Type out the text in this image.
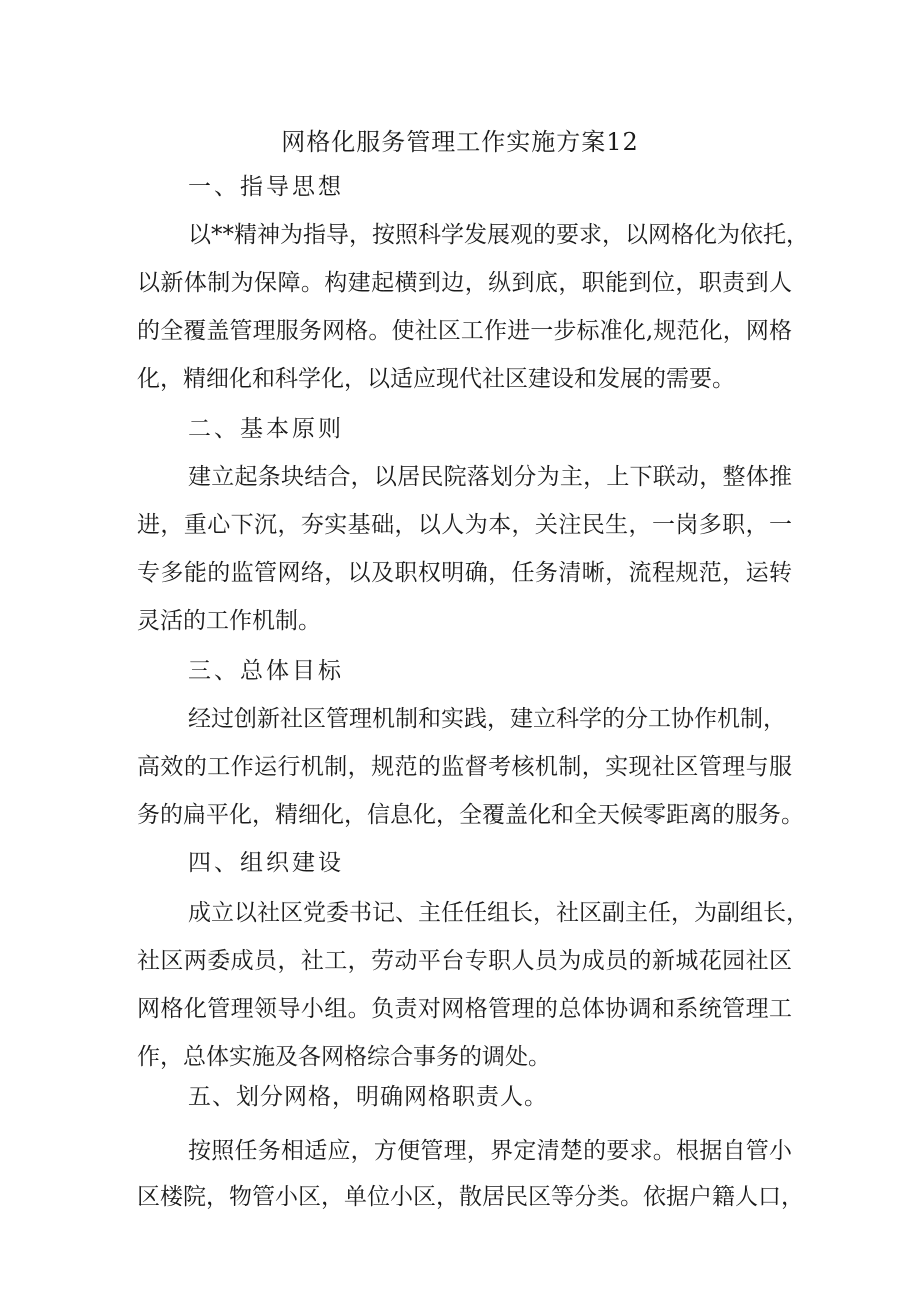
网格化服务管理工作实施方案12
一、指导思想
以**精神为指导，按照科学发展观的要求，以网格化为依托，
以新体制为保障。构建起横到边，纵到底，职能到位，职责到人
的全覆盖管理服务网格。使社区工作进一步标准化,规范化，网格
化，精细化和科学化，以适应现代社区建设和发展的需要。
二、基本原则
建立起条块结合，以居民院落划分为主，上下联动，整体推
进，重心下沉，夯实基础，以人为本，关注民生，一岗多职，一
专多能的监管网络，以及职权明确，任务清晰，流程规范，运转
灵活的工作机制。
三、总体目标
经过创新社区管理机制和实践，建立科学的分工协作机制，
高效的工作运行机制，规范的监督考核机制，实现社区管理与服
务的扁平化，精细化，信息化，全覆盖化和全天候零距离的服务。
四、组织建设
成立以社区党委书记、主任任组长，社区副主任，为副组长，
社区两委成员，社工，劳动平台专职人员为成员的新城花园社区
网格化管理领导小组。负责对网格管理的总体协调和系统管理工
作，总体实施及各网格综合事务的调处。
五、划分网格，明确网格职责人。
按照任务相适应，方便管理，界定清楚的要求。根据自管小
区楼院，物管小区，单位小区，散居民区等分类。依据户籍人口，
